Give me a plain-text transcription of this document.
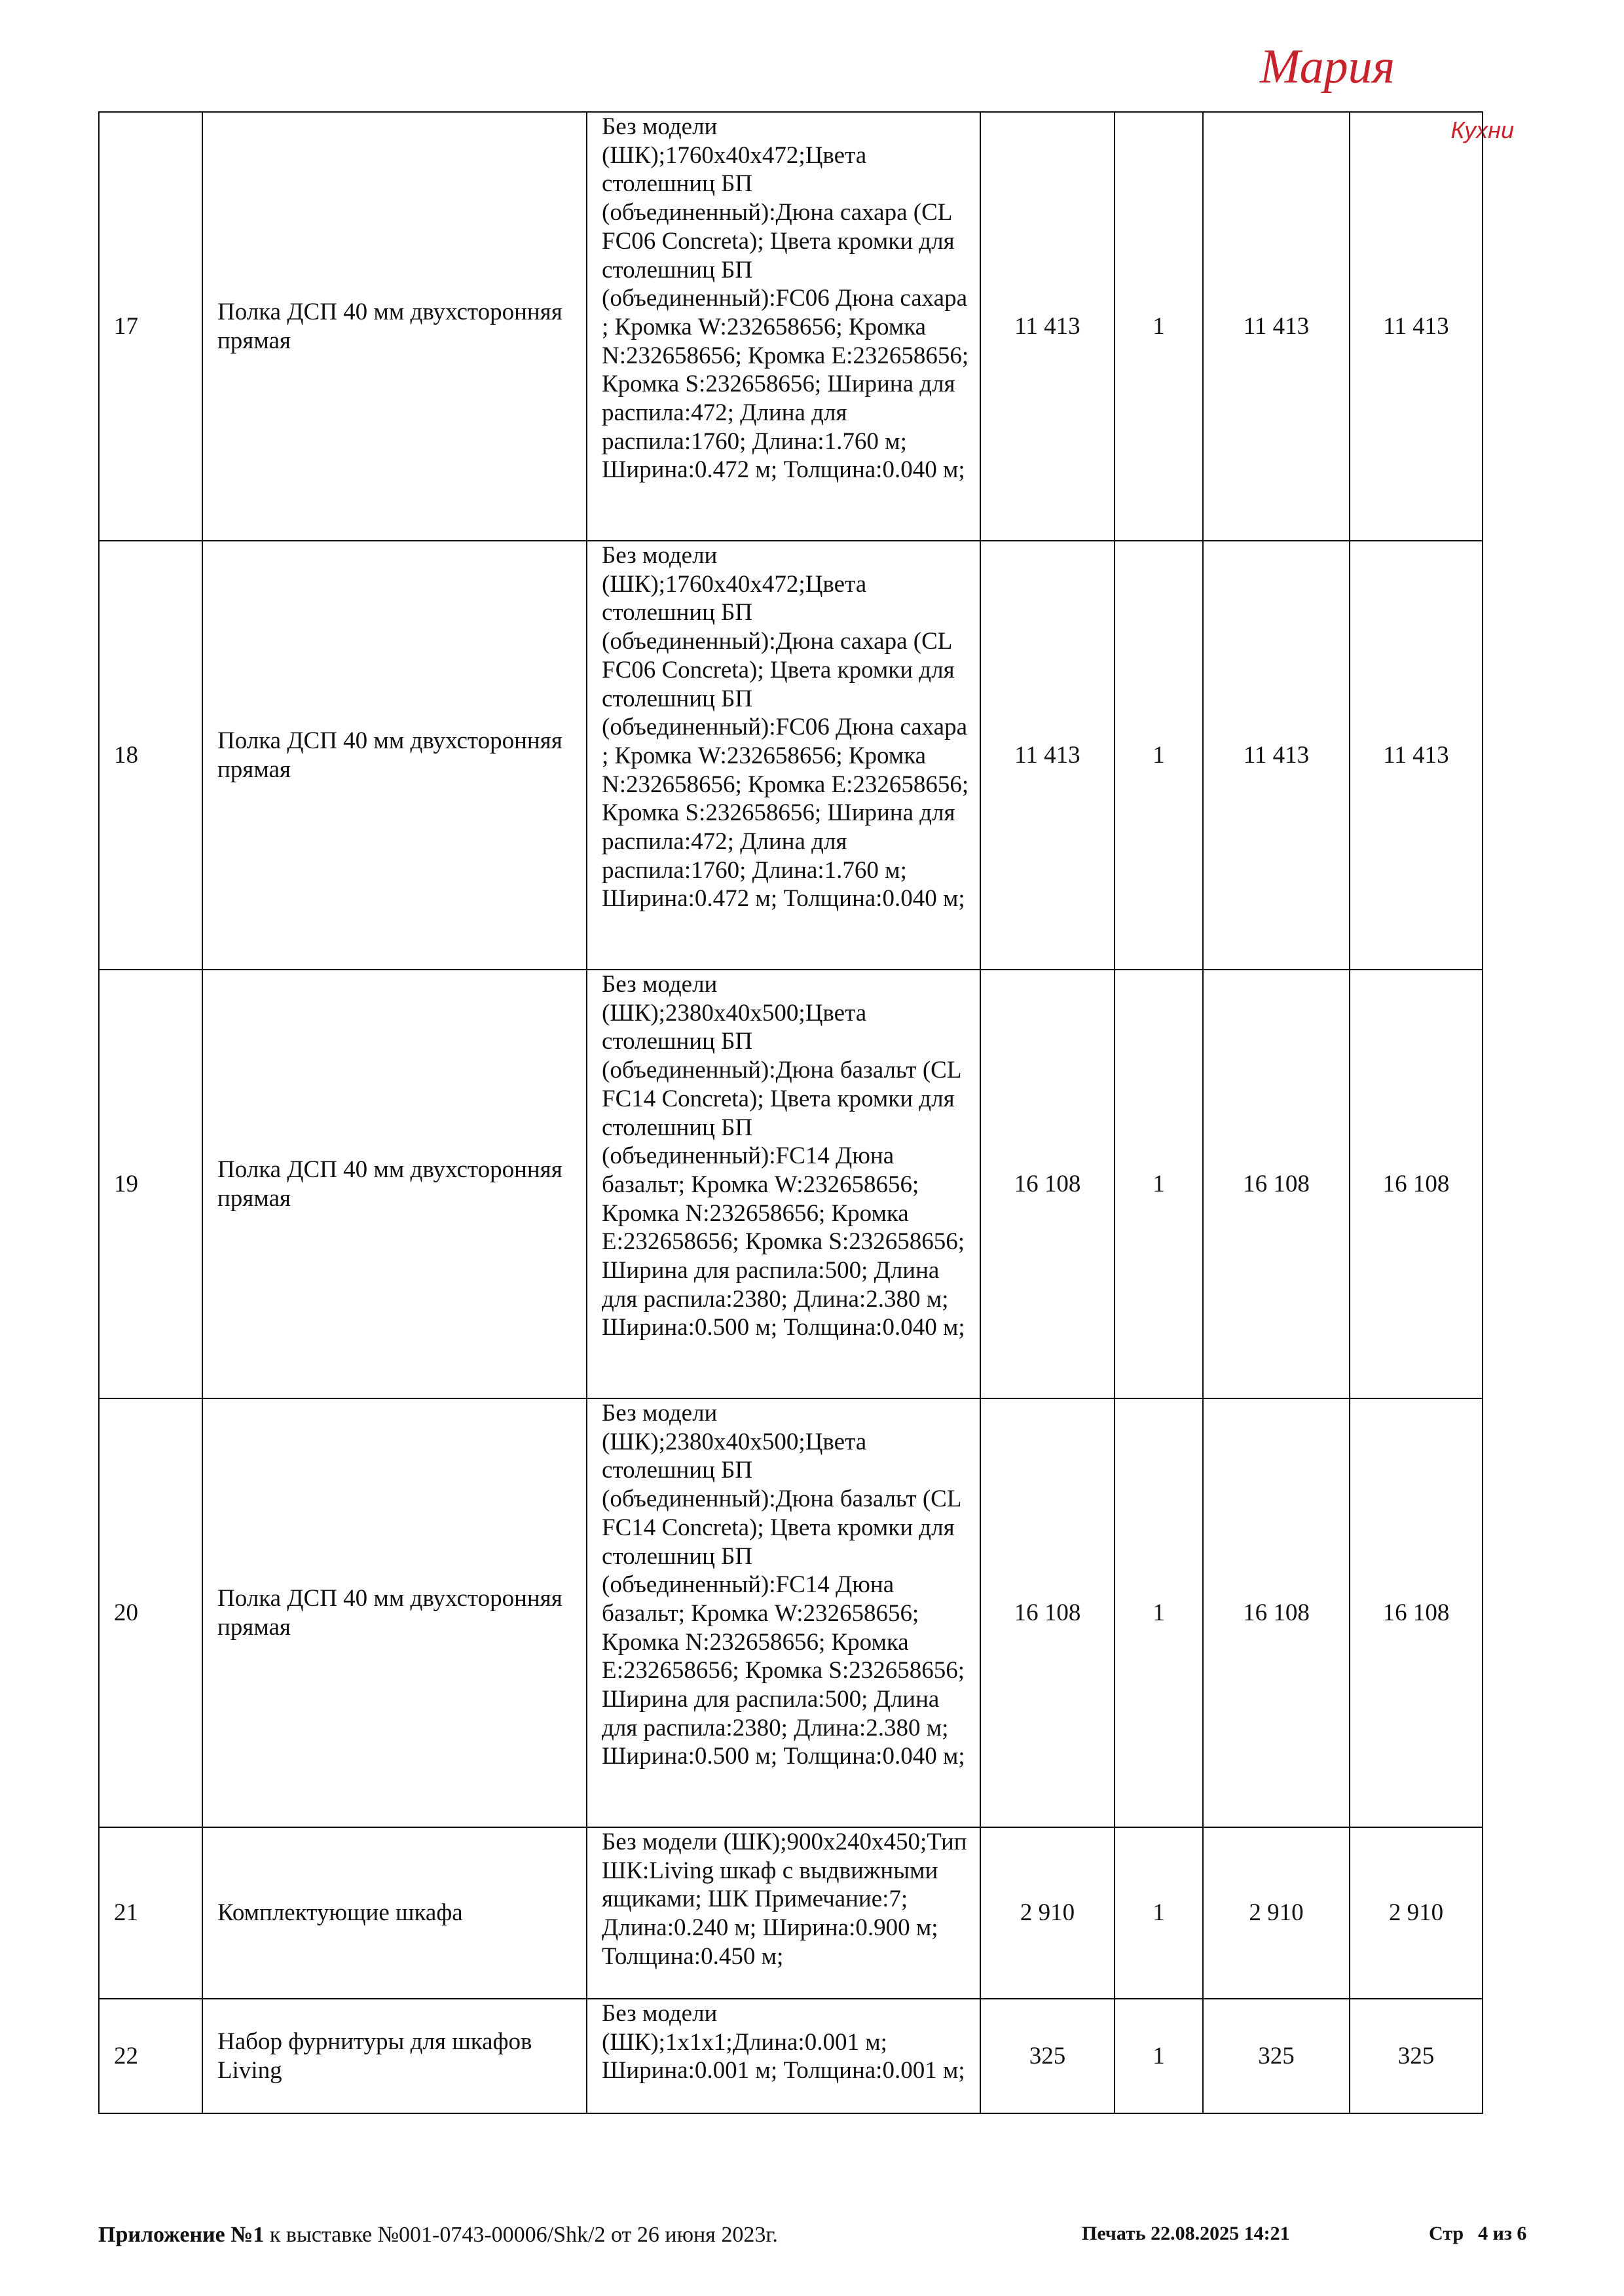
Мария
Кухни
17	Полка ДСП 40 мм двухсторонняя прямая	Без модели (ШК);1760x40x472;Цвета столешниц БП (объединенный):Дюна сахара (CL FC06 Concreta); Цвета кромки для столешниц БП (объединенный):FC06 Дюна сахара ; Кромка W:232658656; Кромка N:232658656; Кромка E:232658656; Кромка S:232658656; Ширина для распила:472; Длина для распила:1760; Длина:1.760 м; Ширина:0.472 м; Толщина:0.040 м;	11 413	1	11 413	11 413
18	Полка ДСП 40 мм двухсторонняя прямая	Без модели (ШК);1760x40x472;Цвета столешниц БП (объединенный):Дюна сахара (CL FC06 Concreta); Цвета кромки для столешниц БП (объединенный):FC06 Дюна сахара ; Кромка W:232658656; Кромка N:232658656; Кромка E:232658656; Кромка S:232658656; Ширина для распила:472; Длина для распила:1760; Длина:1.760 м; Ширина:0.472 м; Толщина:0.040 м;	11 413	1	11 413	11 413
19	Полка ДСП 40 мм двухсторонняя прямая	Без модели (ШК);2380x40x500;Цвета столешниц БП (объединенный):Дюна базальт (CL FC14 Concreta); Цвета кромки для столешниц БП (объединенный):FC14 Дюна базальт; Кромка W:232658656; Кромка N:232658656; Кромка E:232658656; Кромка S:232658656; Ширина для распила:500; Длина для распила:2380; Длина:2.380 м; Ширина:0.500 м; Толщина:0.040 м;	16 108	1	16 108	16 108
20	Полка ДСП 40 мм двухсторонняя прямая	Без модели (ШК);2380x40x500;Цвета столешниц БП (объединенный):Дюна базальт (CL FC14 Concreta); Цвета кромки для столешниц БП (объединенный):FC14 Дюна базальт; Кромка W:232658656; Кромка N:232658656; Кромка E:232658656; Кромка S:232658656; Ширина для распила:500; Длина для распила:2380; Длина:2.380 м; Ширина:0.500 м; Толщина:0.040 м;	16 108	1	16 108	16 108
21	Комплектующие шкафа	Без модели (ШК);900x240x450;Тип ШК:Living шкаф с выдвижными ящиками; ШК Примечание:7; Длина:0.240 м; Ширина:0.900 м; Толщина:0.450 м;	2 910	1	2 910	2 910
22	Набор фурнитуры для шкафов Living	Без модели (ШК);1x1x1;Длина:0.001 м; Ширина:0.001 м; Толщина:0.001 м;	325	1	325	325
Приложение №1 к выставке №001-0743-00006/Shk/2 от 26 июня 2023г.	Печать 22.08.2025 14:21	Стр 4 из 6
